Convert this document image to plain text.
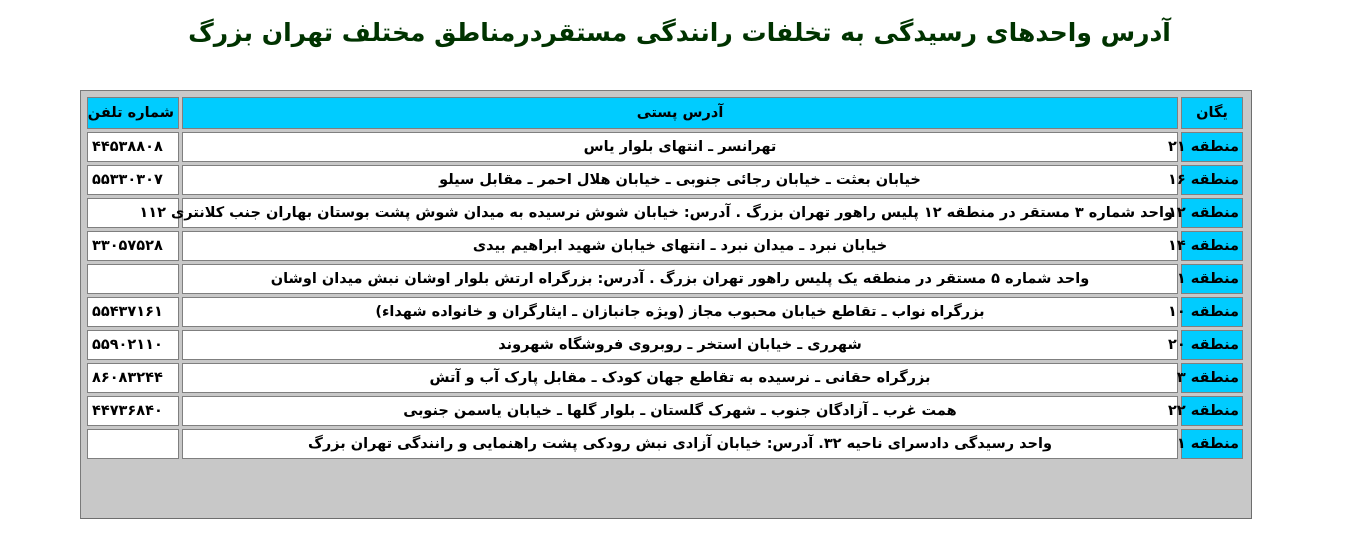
آدرس واحدهای رسیدگی به تخلفات رانندگی مستقردرمناطق مختلف تهران بزرگ
یگان	آدرس پستی	شماره تلفن
منطقه ۲۱	تهرانسر ـ انتهای بلوار یاس	۴۴۵۳۸۸۰۸
منطقه ۱۶	خیابان بعثت ـ خیابان رجائی جنوبی ـ خیابان هلال احمر ـ مقابل سیلو	۵۵۳۳۰۳۰۷
منطقه ۱۲	واحد شماره ۳ مستقر در منطقه ۱۲ پلیس راهور تهران بزرگ . آدرس: خیابان شوش نرسیده به میدان شوش پشت بوستان بهاران جنب کلانتری ۱۱۲	
منطقه ۱۴	خیابان نبرد ـ میدان نبرد ـ انتهای خیابان شهید ابراهیم بیدی	۳۳۰۵۷۵۲۸
منطقه ۱	واحد شماره ۵ مستقر در منطقه یک پلیس راهور تهران بزرگ . آدرس: بزرگراه ارتش بلوار اوشان نبش میدان اوشان	
منطقه ۱۰	بزرگراه نواب ـ تقاطع خیابان محبوب مجاز (ویژه جانبازان ـ ایثارگران و خانواده شهداء)	۵۵۴۳۷۱۶۱
منطقه ۲۰	شهرری ـ خیابان استخر ـ روبروی فروشگاه شهروند	۵۵۹۰۲۱۱۰
منطقه ۳	بزرگراه حقانی ـ نرسیده به تقاطع جهان کودک ـ مقابل پارک آب و آتش	۸۶۰۸۳۲۴۴
منطقه ۲۲	همت غرب ـ آزادگان جنوب ـ شهرک گلستان ـ بلوار گلها ـ خیابان یاسمن جنوبی	۴۴۷۳۶۸۴۰
منطقه ۱	واحد رسیدگی دادسرای ناحیه ۳۲. آدرس: خیابان آزادی نبش رودکی پشت راهنمایی و رانندگی تهران بزرگ	
